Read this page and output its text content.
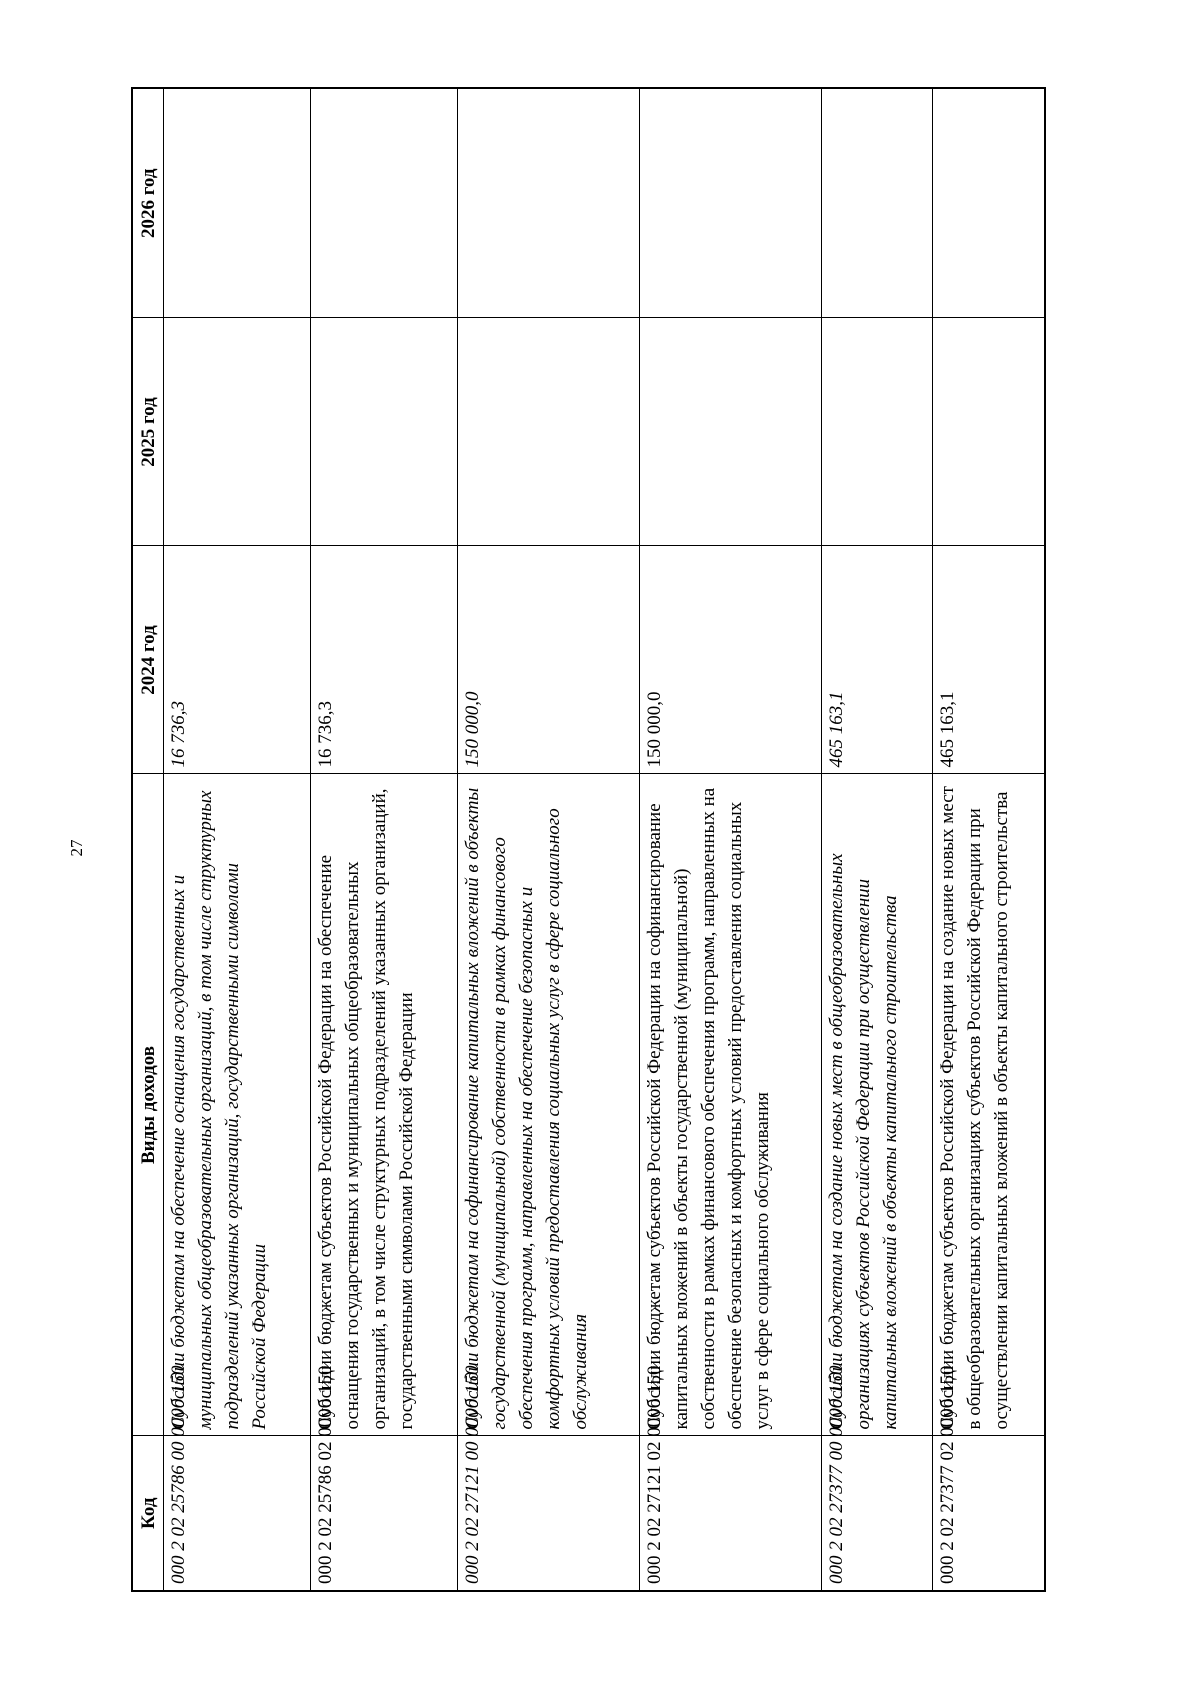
27
Код	Виды доходов	2024 год	2025 год	2026 год
000 2 02 25786 00 0000 150	Субсидии бюджетам на обеспечение оснащения государственных и муниципальных общеобразовательных организаций, в том числе структурных подразделений указанных организаций, государственными символами Российской Федерации	16 736,3		
000 2 02 25786 02 0000 150	Субсидии бюджетам субъектов Российской Федерации на обеспечение оснащения государственных и муниципальных общеобразовательных организаций, в том числе структурных подразделений указанных организаций, государственными символами Российской Федерации	16 736,3		
000 2 02 27121 00 0000 150	Субсидии бюджетам на софинансирование капитальных вложений в объекты государственной (муниципальной) собственности в рамках финансового обеспечения программ, направленных на обеспечение безопасных и комфортных условий предоставления социальных услуг в сфере социального обслуживания	150 000,0		
000 2 02 27121 02 0000 150	Субсидии бюджетам субъектов Российской Федерации на софинансирование капитальных вложений в объекты государственной (муниципальной) собственности в рамках финансового обеспечения программ, направленных на обеспечение безопасных и комфортных условий предоставления социальных услуг в сфере социального обслуживания	150 000,0		
000 2 02 27377 00 0000 150	Субсидии бюджетам на создание новых мест в общеобразовательных организациях субъектов Российской Федерации при осуществлении капитальных вложений в объекты капитального строительства	465 163,1		
000 2 02 27377 02 0000 150	Субсидии бюджетам субъектов Российской Федерации на создание новых мест в общеобразовательных организациях субъектов Российской Федерации при осуществлении капитальных вложений в объекты капитального строительства	465 163,1		
